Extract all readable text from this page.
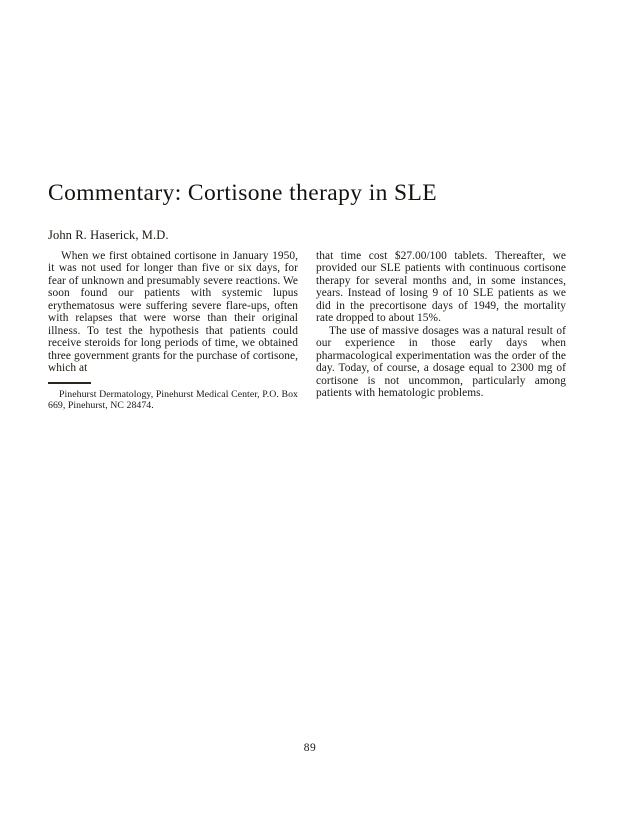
Commentary: Cortisone therapy in SLE
John R. Haserick, M.D.

When we first obtained cortisone in January 1950, it was not used for longer than five or six days, for fear of unknown and presumably severe reactions. We soon found our patients with systemic lupus erythematosus were suffering severe flare-ups, often with relapses that were worse than their original illness. To test the hypothesis that patients could receive steroids for long periods of time, we obtained three government grants for the purchase of cortisone, which at

Pinehurst Dermatology, Pinehurst Medical Center, P.O. Box 669, Pinehurst, NC 28474.

that time cost $27.00/100 tablets. Thereafter, we provided our SLE patients with continuous cortisone therapy for several months and, in some instances, years. Instead of losing 9 of 10 SLE patients as we did in the precortisone days of 1949, the mortality rate dropped to about 15%.

The use of massive dosages was a natural result of our experience in those early days when pharmacological experimentation was the order of the day. Today, of course, a dosage equal to 2300 mg of cortisone is not uncommon, particularly among patients with hematologic problems.

89
